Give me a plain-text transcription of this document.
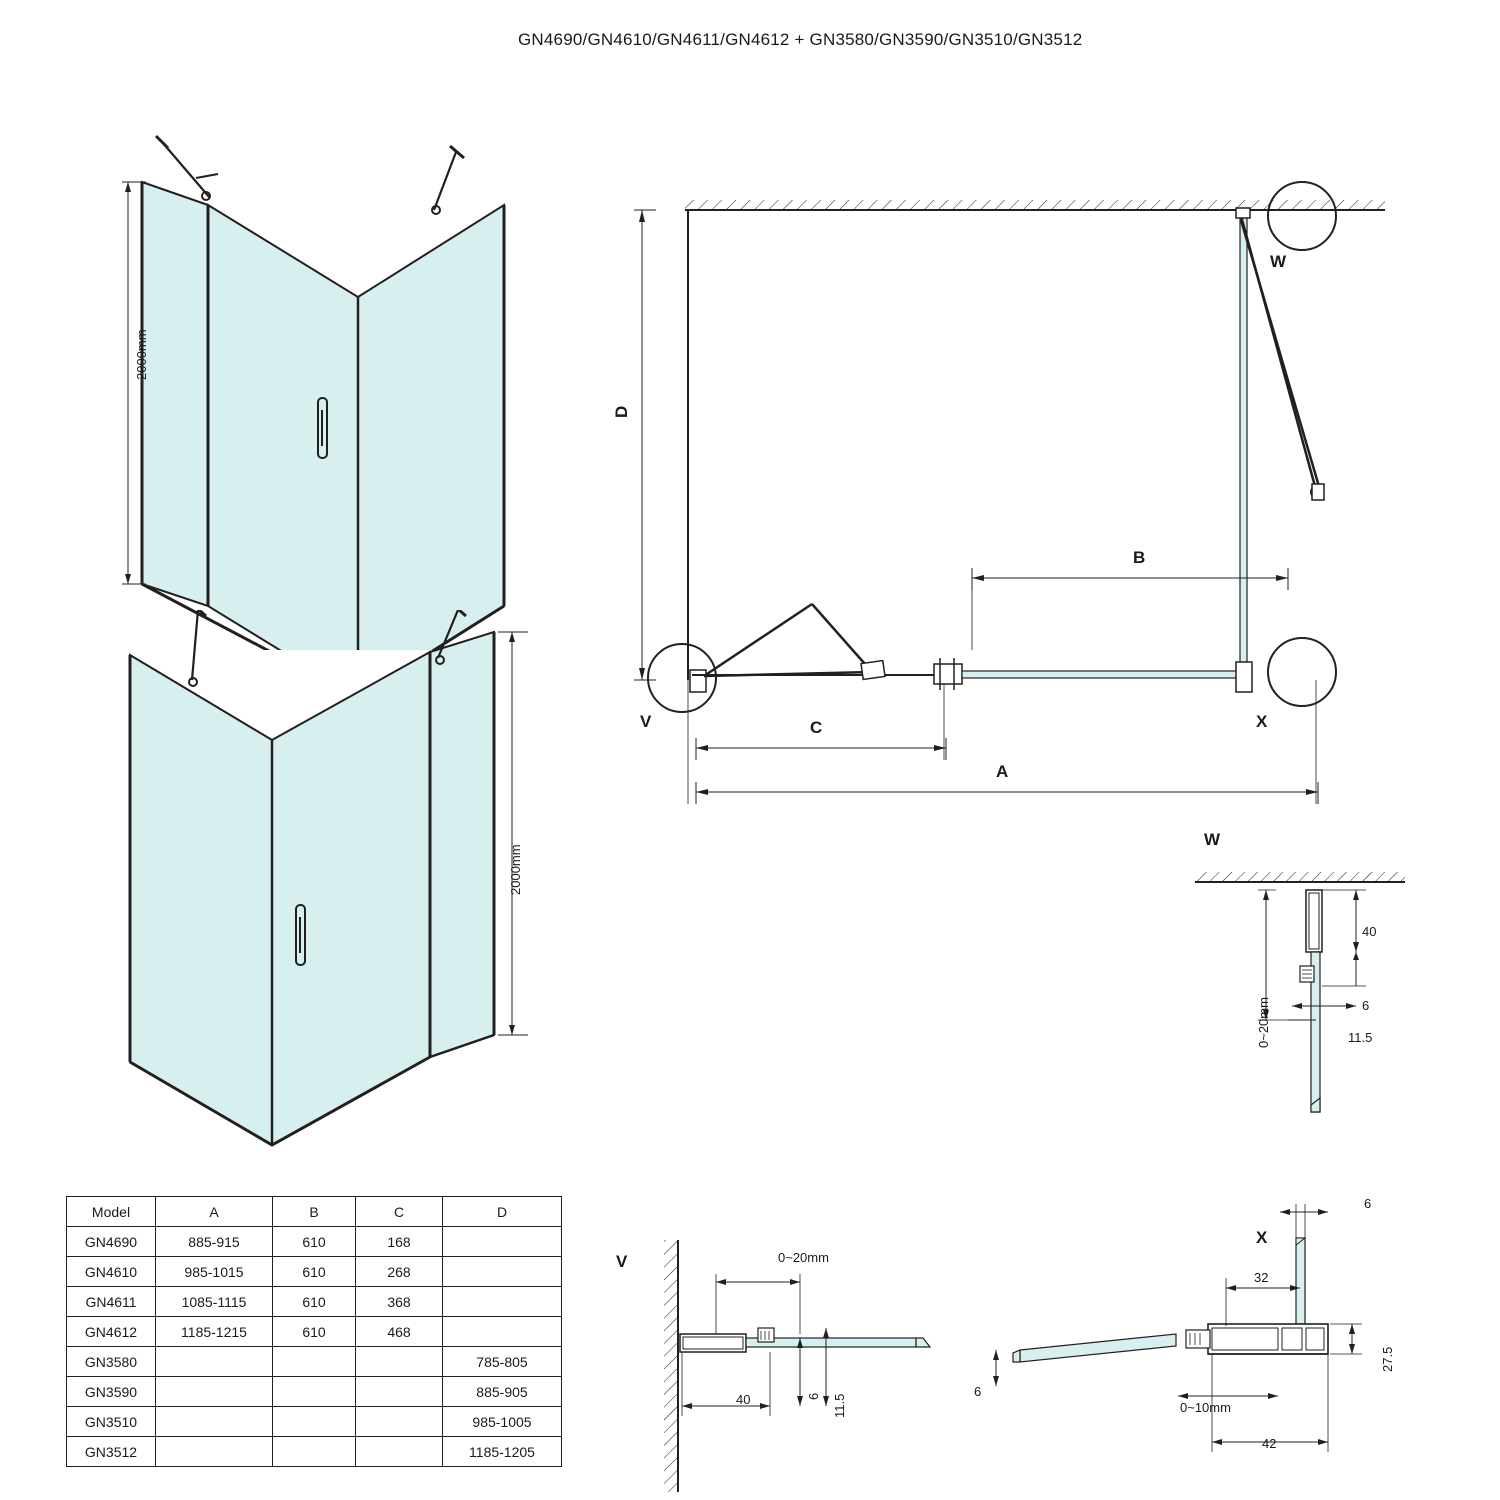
GN4690/GN4610/GN4611/GN4612 + GN3580/GN3590/GN3510/GN3512
2000mm
2000mm
D
B
C
A
W
V	X
W
40
6
11.5
0~20mm
V	0~20mm
40	6 11.5
X
6
32
27.5
6
0~10mm
42
Model	A	B	C	D
GN4690	885-915	610	168	
GN4610	985-1015	610	268	
GN4611	1085-1115	610	368	
GN4612	1185-1215	610	468	
GN3580				785-805
GN3590				885-905
GN3510				985-1005
GN3512				1185-1205
